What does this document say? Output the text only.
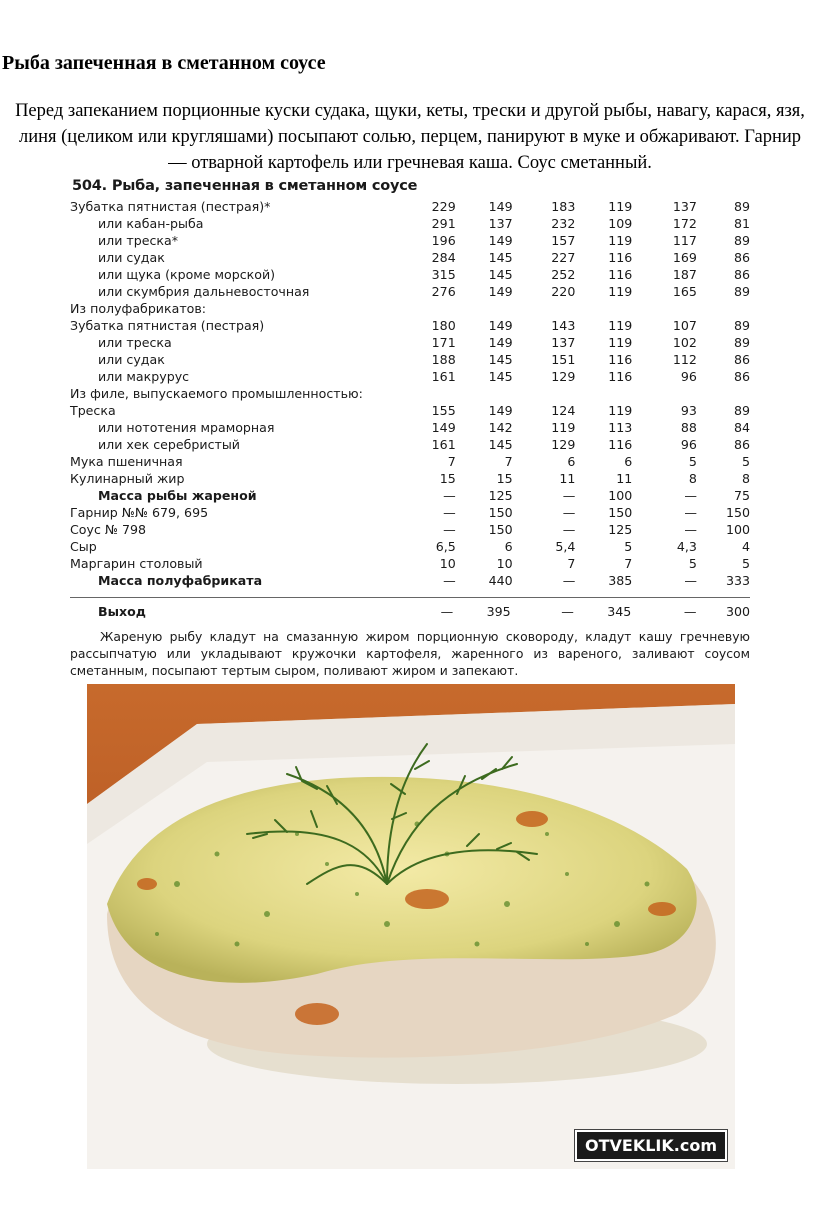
Рыба запеченная в сметанном соусе
Перед запеканием порционные куски судака, щуки, кеты, трески и другой рыбы, навагу, карася, язя, линя (целиком или кругляшами) посыпают солью, перцем, панируют в муке и обжаривают. Гарнир — отварной картофель или гречневая каша. Соус сметанный.
504. Рыба, запеченная в сметанном соусе
Зубатка пятнистая (пестрая)*	229	149	183	119	137	89
или кабан-рыба	291	137	232	109	172	81
или треска*	196	149	157	119	117	89
или судак	284	145	227	116	169	86
или щука (кроме морской)	315	145	252	116	187	86
или скумбрия дальневосточная	276	149	220	119	165	89
Из полуфабрикатов:						
Зубатка пятнистая (пестрая)	180	149	143	119	107	89
или треска	171	149	137	119	102	89
или судак	188	145	151	116	112	86
или макрурус	161	145	129	116	96	86
Из филе, выпускаемого промышленностью:						
Треска	155	149	124	119	93	89
или нототения мраморная	149	142	119	113	88	84
или хек серебристый	161	145	129	116	96	86
Мука пшеничная	7	7	6	6	5	5
Кулинарный жир	15	15	11	11	8	8
Масса рыбы жареной	—	125	—	100	—	75
Гарнир №№ 679, 695	—	150	—	150	—	150
Соус № 798	—	150	—	125	—	100
Сыр	6,5	6	5,4	5	4,3	4
Маргарин столовый	10	10	7	7	5	5
Масса полуфабриката	—	440	—	385	—	333
Выход	—	395	—	345	—	300
Жареную рыбу кладут на смазанную жиром порционную сковороду, кладут кашу гречневую рассыпчатую или укладывают кружочки картофеля, жаренного из вареного, заливают соусом сметанным, посыпают тертым сыром, поливают жиром и запекают.
OTVEKLIK.com
